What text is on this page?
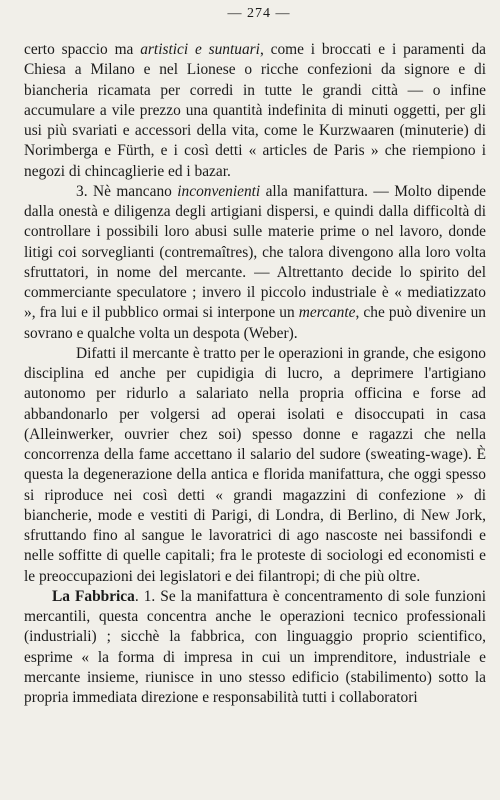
— 274 —

certo spaccio ma artistici e suntuari, come i broccati e i paramenti da Chiesa a Milano e nel Lionese o ricche confezioni da signore e di biancheria ricamata per corredi in tutte le grandi città — o infine accumulare a vile prezzo una quantità indefinita di minuti oggetti, per gli usi più svariati e accessori della vita, come le Kurzwaaren (minuterie) di Norimberga e Fürth, e i così detti « articles de Paris » che riempiono i negozi di chincaglierie ed i bazar.

3. Nè mancano inconvenienti alla manifattura. — Molto dipende dalla onestà e diligenza degli artigiani dispersi, e quindi dalla difficoltà di controllare i possibili loro abusi sulle materie prime o nel lavoro, donde litigi coi sorveglianti (contremaîtres), che talora divengono alla loro volta sfruttatori, in nome del mercante. — Altrettanto decide lo spirito del commerciante speculatore ; invero il piccolo industriale è « mediatizzato », fra lui e il pubblico ormai si interpone un mercante, che può divenire un sovrano e qualche volta un despota (Weber).

Difatti il mercante è tratto per le operazioni in grande, che esigono disciplina ed anche per cupidigia di lucro, a deprimere l'artigiano autonomo per ridurlo a salariato nella propria officina e forse ad abbandonarlo per volgersi ad operai isolati e disoccupati in casa (Alleinwerker, ouvrier chez soi) spesso donne e ragazzi che nella concorrenza della fame accettano il salario del sudore (sweating-wage). È questa la degenerazione della antica e florida manifattura, che oggi spesso si riproduce nei così detti « grandi magazzini di confezione » di biancherie, mode e vestiti di Parigi, di Londra, di Berlino, di New Jork, sfruttando fino al sangue le lavoratrici di ago nascoste nei bassifondi e nelle soffitte di quelle capitali; fra le proteste di sociologi ed economisti e le preoccupazioni dei legislatori e dei filantropi; di che più oltre.

La Fabbrica. 1. Se la manifattura è concentramento di sole funzioni mercantili, questa concentra anche le operazioni tecnico professionali (industriali) ; sicchè la fabbrica, con linguaggio proprio scientifico, esprime « la forma di impresa in cui un imprenditore, industriale e mercante insieme, riunisce in uno stesso edificio (stabilimento) sotto la propria immediata direzione e responsabilità tutti i collaboratori
